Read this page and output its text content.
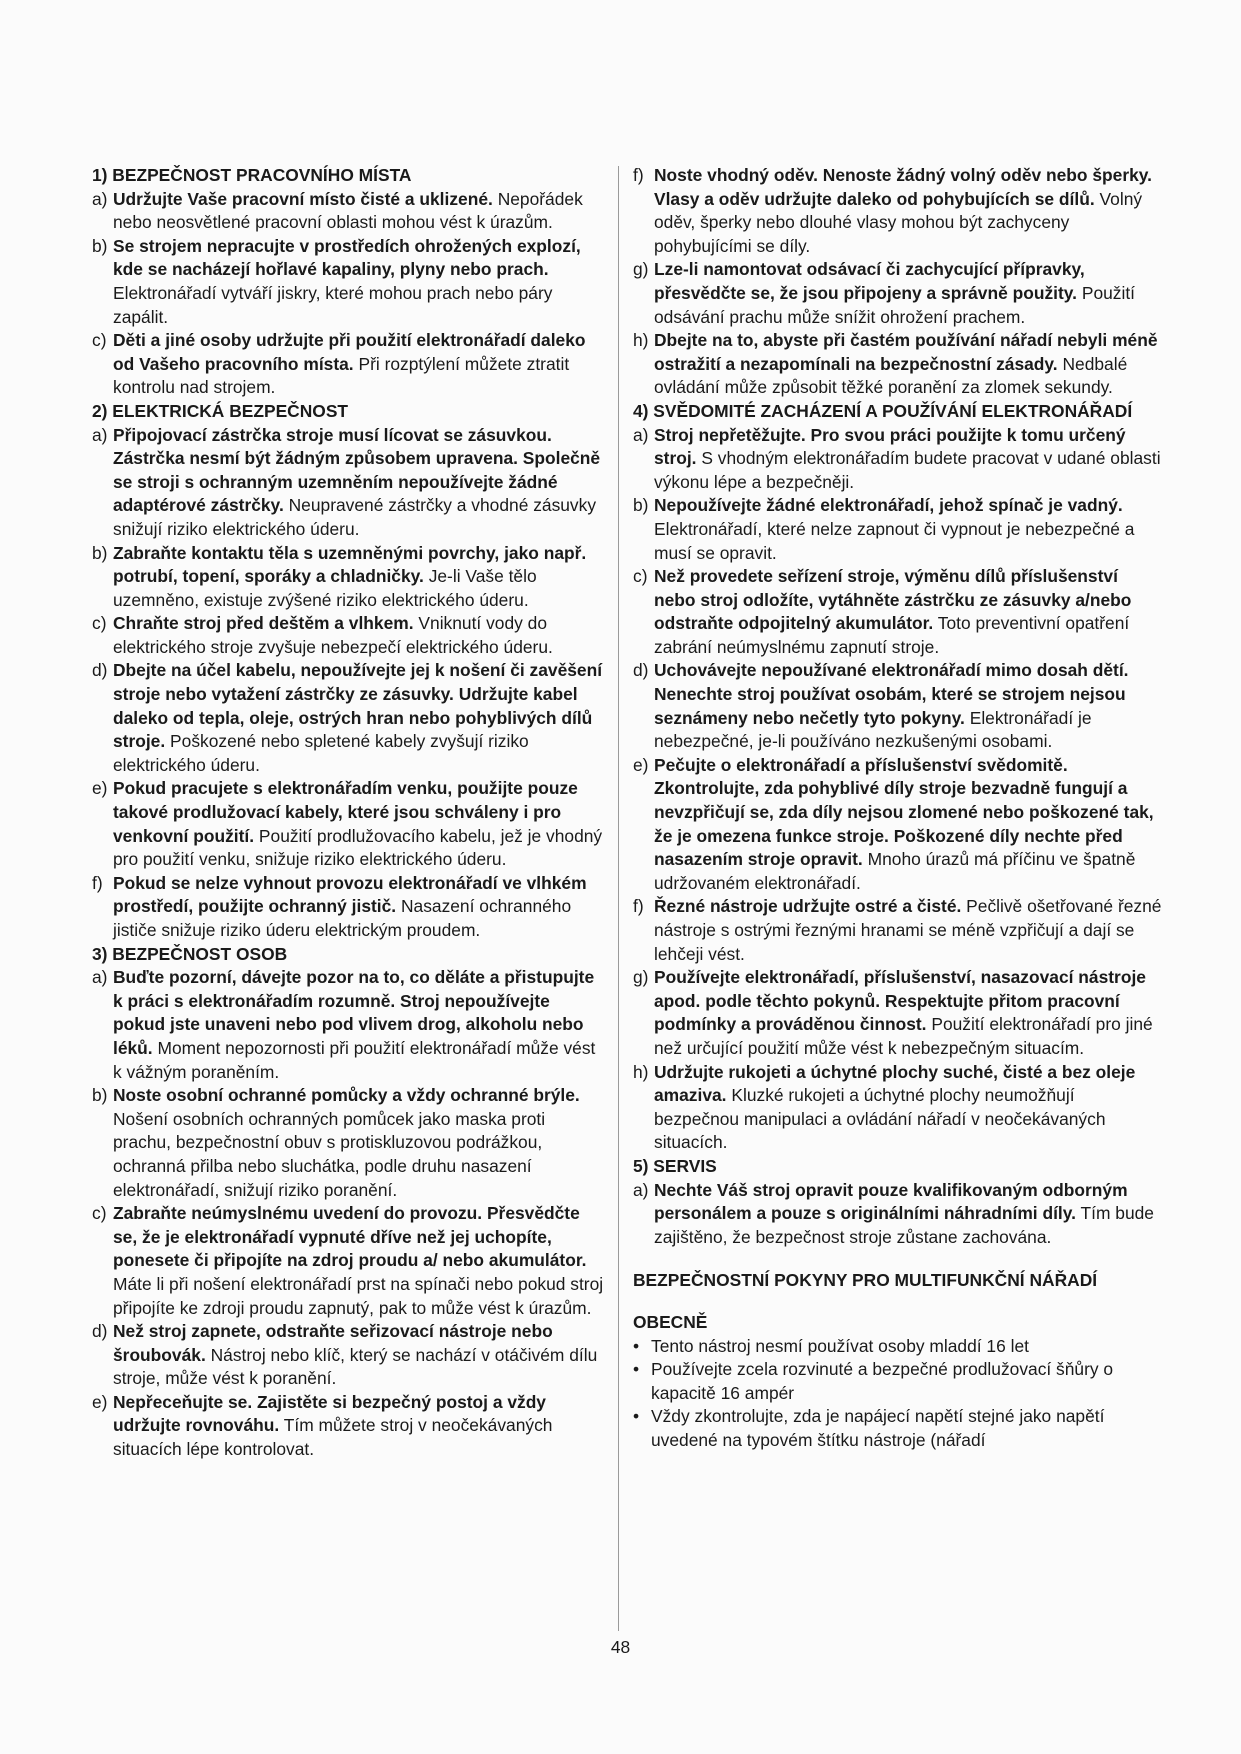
1) BEZPEČNOST PRACOVNÍHO MÍSTA

a) Udržujte Vaše pracovní místo čisté a uklizené. Nepořádek nebo neosvětlené pracovní oblasti mohou vést k úrazům.

b) Se strojem nepracujte v prostředích ohrožených explozí, kde se nacházejí hořlavé kapaliny, plyny nebo prach. Elektronářadí vytváří jiskry, které mohou prach nebo páry zapálit.

c) Děti a jiné osoby udržujte při použití elektronářadí daleko od Vašeho pracovního místa. Při rozptýlení můžete ztratit kontrolu nad strojem.

2) ELEKTRICKÁ BEZPEČNOST

a) Připojovací zástrčka stroje musí lícovat se zásuvkou. Zástrčka nesmí být žádným způsobem upravena. Společně se stroji s ochranným uzemněním nepoužívejte žádné adaptérové zástrčky. Neupravené zástrčky a vhodné zásuvky snižují riziko elektrického úderu.

b) Zabraňte kontaktu těla s uzemněnými povrchy, jako např. potrubí, topení, sporáky a chladničky. Je-li Vaše tělo uzemněno, existuje zvýšené riziko elektrického úderu.

c) Chraňte stroj před deštěm a vlhkem. Vniknutí vody do elektrického stroje zvyšuje nebezpečí elektrického úderu.

d) Dbejte na účel kabelu, nepoužívejte jej k nošení či zavěšení stroje nebo vytažení zástrčky ze zásuvky. Udržujte kabel daleko od tepla, oleje, ostrých hran nebo pohyblivých dílů stroje. Poškozené nebo spletené kabely zvyšují riziko elektrického úderu.

e) Pokud pracujete s elektronářadím venku, použijte pouze takové prodlužovací kabely, které jsou schváleny i pro venkovní použití. Použití prodlužovacího kabelu, jež je vhodný pro použití venku, snižuje riziko elektrického úderu.

f) Pokud se nelze vyhnout provozu elektronářadí ve vlhkém prostředí, použijte ochranný jistič. Nasazení ochranného jističe snižuje riziko úderu elektrickým proudem.

3) BEZPEČNOST OSOB

a) Buďte pozorní, dávejte pozor na to, co děláte a přistupujte k práci s elektronářadím rozumně. Stroj nepoužívejte pokud jste unaveni nebo pod vlivem drog, alkoholu nebo léků. Moment nepozornosti při použití elektronářadí může vést k vážným poraněním.

b) Noste osobní ochranné pomůcky a vždy ochranné brýle. Nošení osobních ochranných pomůcek jako maska proti prachu, bezpečnostní obuv s protiskluzovou podrážkou, ochranná přilba nebo sluchátka, podle druhu nasazení elektronářadí, snižují riziko poranění.

c) Zabraňte neúmyslnému uvedení do provozu. Přesvědčte se, že je elektronářadí vypnuté dříve než jej uchopíte, ponesete či připojíte na zdroj proudu a/ nebo akumulátor. Máte li při nošení elektronářadí prst na spínači nebo pokud stroj připojíte ke zdroji proudu zapnutý, pak to může vést k úrazům.

d) Než stroj zapnete, odstraňte seřizovací nástroje nebo šroubovák. Nástroj nebo klíč, který se nachází v otáčivém dílu stroje, může vést k poranění.

e) Nepřeceňujte se. Zajistěte si bezpečný postoj a vždy udržujte rovnováhu. Tím můžete stroj v neočekávaných situacích lépe kontrolovat.

f) Noste vhodný oděv. Nenoste žádný volný oděv nebo šperky. Vlasy a oděv udržujte daleko od pohybujících se dílů. Volný oděv, šperky nebo dlouhé vlasy mohou být zachyceny pohybujícími se díly.

g) Lze-li namontovat odsávací či zachycující přípravky, přesvědčte se, že jsou připojeny a správně použity. Použití odsávání prachu může snížit ohrožení prachem.

h) Dbejte na to, abyste při častém používání nářadí nebyli méně ostražití a nezapomínali na bezpečnostní zásady. Nedbalé ovládání může způsobit těžké poranění za zlomek sekundy.

4) SVĚDOMITÉ ZACHÁZENÍ A POUŽÍVÁNÍ ELEKTRONÁŘADÍ

a) Stroj nepřetěžujte. Pro svou práci použijte k tomu určený stroj. S vhodným elektronářadím budete pracovat v udané oblasti výkonu lépe a bezpečněji.

b) Nepoužívejte žádné elektronářadí, jehož spínač je vadný. Elektronářadí, které nelze zapnout či vypnout je nebezpečné a musí se opravit.

c) Než provedete seřízení stroje, výměnu dílů příslušenství nebo stroj odložíte, vytáhněte zástrčku ze zásuvky a/nebo odstraňte odpojitelný akumulátor. Toto preventivní opatření zabrání neúmyslnému zapnutí stroje.

d) Uchovávejte nepoužívané elektronářadí mimo dosah dětí. Nenechte stroj používat osobám, které se strojem nejsou seznámeny nebo nečetly tyto pokyny. Elektronářadí je nebezpečné, je-li používáno nezkušenými osobami.

e) Pečujte o elektronářadí a příslušenství svědomitě. Zkontrolujte, zda pohyblivé díly stroje bezvadně fungují a nevzpřičují se, zda díly nejsou zlomené nebo poškozené tak, že je omezena funkce stroje. Poškozené díly nechte před nasazením stroje opravit. Mnoho úrazů má příčinu ve špatně udržovaném elektronářadí.

f) Řezné nástroje udržujte ostré a čisté. Pečlivě ošetřované řezné nástroje s ostrými řeznými hranami se méně vzpřičují a dají se lehčeji vést.

g) Používejte elektronářadí, příslušenství, nasazovací nástroje apod. podle těchto pokynů. Respektujte přitom pracovní podmínky a prováděnou činnost. Použití elektronářadí pro jiné než určující použití může vést k nebezpečným situacím.

h) Udržujte rukojeti a úchytné plochy suché, čisté a bez oleje amaziva. Kluzké rukojeti a úchytné plochy neumožňují bezpečnou manipulaci a ovládání nářadí v neočekávaných situacích.

5) SERVIS

a) Nechte Váš stroj opravit pouze kvalifikovaným odborným personálem a pouze s originálními náhradními díly. Tím bude zajištěno, že bezpečnost stroje zůstane zachována.

BEZPEČNOSTNÍ POKYNY PRO MULTIFUNKČNÍ NÁŘADÍ

OBECNĚ

• Tento nástroj nesmí používat osoby mladdí 16 let

• Používejte zcela rozvinuté a bezpečné prodlužovací šňůry o kapacitě 16 ampér

• Vždy zkontrolujte, zda je napájecí napětí stejné jako napětí uvedené na typovém štítku nástroje (nářadí

48
